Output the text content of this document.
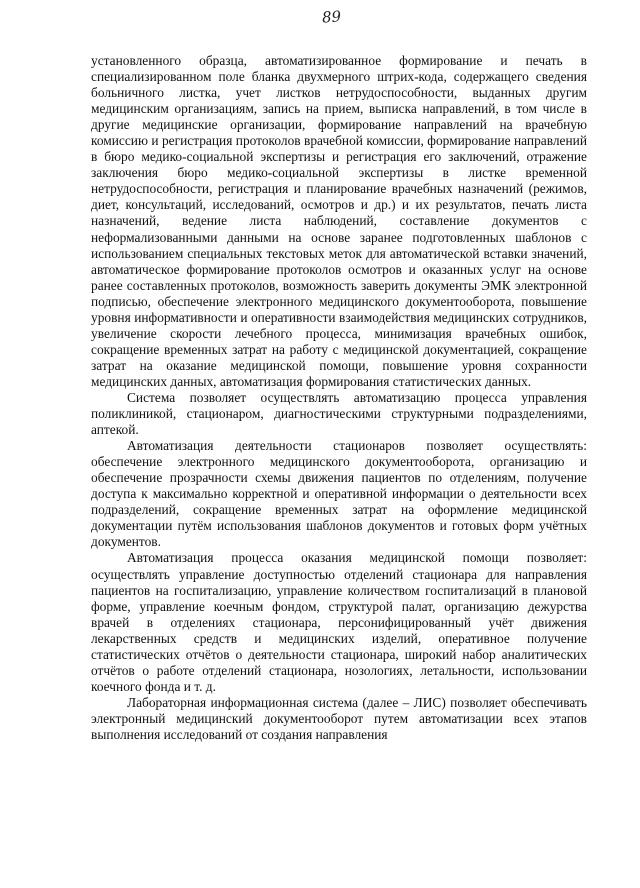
89

установленного образца, автоматизированное формирование и печать в специализированном поле бланка двухмерного штрих-кода, содержащего сведения больничного листка, учет листков нетрудоспособности, выданных другим медицинским организациям, запись на прием, выписка направлений, в том числе в другие медицинские организации, формирование направлений на врачебную комиссию и регистрация протоколов врачебной комиссии, формирование направлений в бюро медико-социальной экспертизы и регистрация его заключений, отражение заключения бюро медико-социальной экспертизы в листке временной нетрудоспособности, регистрация и планирование врачебных назначений (режимов, диет, консультаций, исследований, осмотров и др.) и их результатов, печать листа назначений, ведение листа наблюдений, составление документов с неформализованными данными на основе заранее подготовленных шаблонов с использованием специальных текстовых меток для автоматической вставки значений, автоматическое формирование протоколов осмотров и оказанных услуг на основе ранее составленных протоколов, возможность заверить документы ЭМК электронной подписью, обеспечение электронного медицинского документооборота, повышение уровня информативности и оперативности взаимодействия медицинских сотрудников, увеличение скорости лечебного процесса, минимизация врачебных ошибок, сокращение временных затрат на работу с медицинской документацией, сокращение затрат на оказание медицинской помощи, повышение уровня сохранности медицинских данных, автоматизация формирования статистических данных.

Система позволяет осуществлять автоматизацию процесса управления поликлиникой, стационаром, диагностическими структурными подразделениями, аптекой.

Автоматизация деятельности стационаров позволяет осуществлять: обеспечение электронного медицинского документооборота, организацию и обеспечение прозрачности схемы движения пациентов по отделениям, получение доступа к максимально корректной и оперативной информации о деятельности всех подразделений, сокращение временных затрат на оформление медицинской документации путём использования шаблонов документов и готовых форм учётных документов.

Автоматизация процесса оказания медицинской помощи позволяет: осуществлять управление доступностью отделений стационара для направления пациентов на госпитализацию, управление количеством госпитализаций в плановой форме, управление коечным фондом, структурой палат, организацию дежурства врачей в отделениях стационара, персонифицированный учёт движения лекарственных средств и медицинских изделий, оперативное получение статистических отчётов о деятельности стационара, широкий набор аналитических отчётов о работе отделений стационара, нозологиях, летальности, использовании коечного фонда и т. д.

Лабораторная информационная система (далее – ЛИС) позволяет обеспечивать электронный медицинский документооборот путем автоматизации всех этапов выполнения исследований от создания направления
